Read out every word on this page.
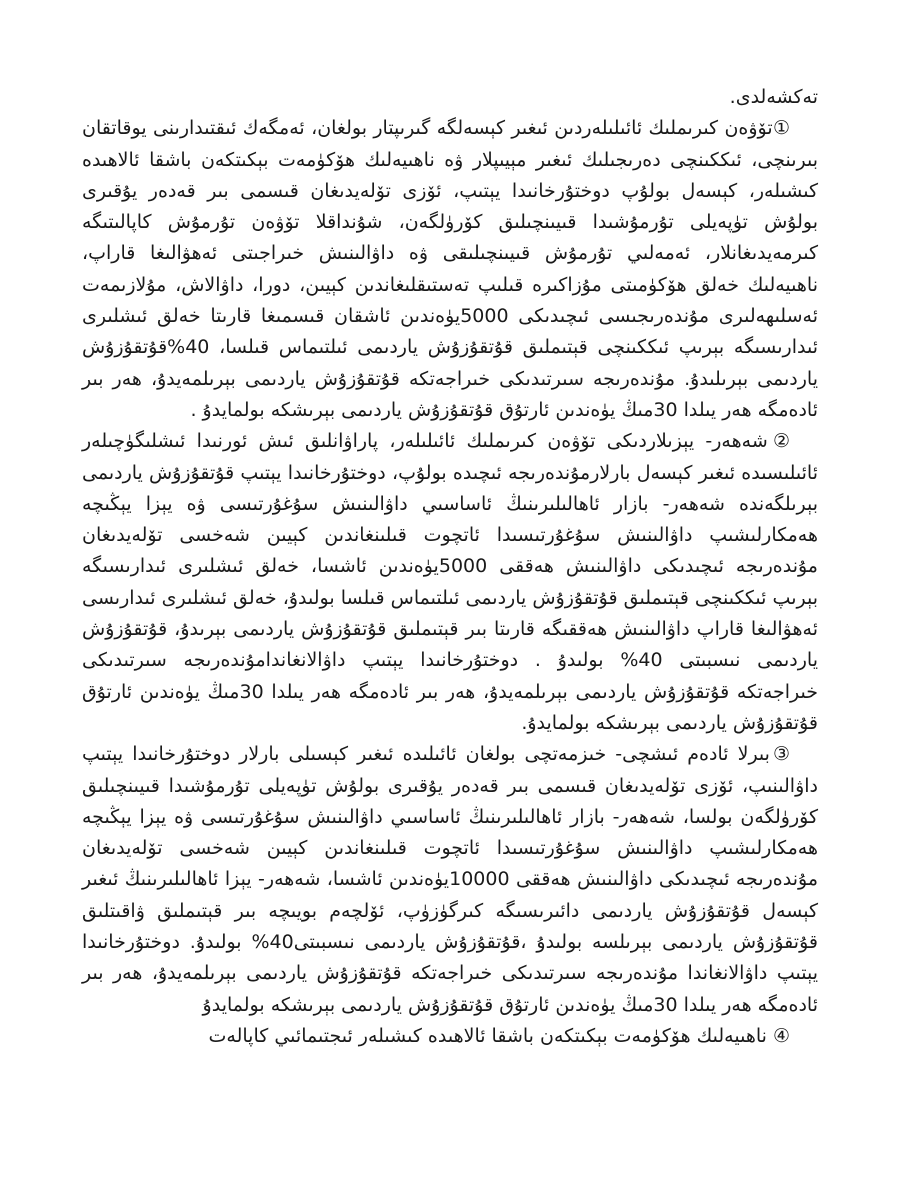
تەكشەلدى.

①تۆۋەن كىرىملىك ئائىلىلەردىن ئىغىر كېسەلگە گىرىپتار بولغان، ئەمگەك ئىقتىدارىنى يوقاتقان بىرىنچى، ئىككىنچى دەرىجىلىك ئىغىر مېيىپلار ۋە ناھىيەلىك ھۆكۈمەت بېكىتكەن باشقا ئالاھىدە كىشىلەر، كېسەل بولۇپ دوختۇرخانىدا يېتىپ، ئۆزى تۆلەيدىغان قىسمى بىر قەدەر يۇقىرى بولۇش تۈپەيلى تۇرمۇشىدا قىيىنچىلىق كۆرۈلگەن، شۇنداقلا تۆۋەن تۇرمۇش كاپالىتىگە كىرمەيدىغانلار، ئەمەلىي تۇرمۇش قىيىنچىلىقى ۋە داۋالىنىش خىراجىتى ئەھۋالىغا قاراپ، ناھىيەلىك خەلق ھۆكۈمىتى مۇزاكىرە قىلىپ تەستىقلىغاندىن كېيىن، دورا، داۋالاش، مۇلازىمەت ئەسلىھەلىرى مۇندەرىجىسى ئىچىدىكى 5000يۈەندىن ئاشقان قىسمىغا قارىتا خەلق ئىشلىرى ئىدارىسىگە بېرىپ ئىككىنچى قېتىملىق قۇتقۇزۇش ياردىمى ئىلتىماس قىلسا، 40%قۇتقۇزۇش ياردىمى بېرىلىدۇ. مۇندەرىجە سىرتىدىكى خىراجەتكە قۇتقۇزۇش ياردىمى بېرىلمەيدۇ، ھەر بىر ئادەمگە ھەر يىلدا 30مىڭ يۈەندىن ئارتۇق قۇتقۇزۇش ياردىمى بېرىشكە بولمايدۇ .

②شەھەر- يېزىلاردىكى تۆۋەن كىرىملىك ئائىلىلەر، پاراۋانلىق ئىش ئورنىدا ئىشلىگۈچىلەر ئائىلىسىدە ئىغىر كېسەل بارلارمۇندەرىجە ئىچىدە بولۇپ، دوختۇرخانىدا يېتىپ قۇتقۇزۇش ياردىمى بېرىلگەندە شەھەر- بازار ئاھالىلىرىنىڭ ئاساسىي داۋالىنىش سۇغۇرتىسى ۋە يېزا يېڭىچە ھەمكارلىشىپ داۋالىنىش سۇغۇرتىسىدا ئاتچوت قىلىنغاندىن كېيىن شەخسى تۆلەيدىغان مۇندەرىجە ئىچىدىكى داۋالىنىش ھەققى 5000يۈەندىن ئاشسا، خەلق ئىشلىرى ئىدارىسىگە بېرىپ ئىككىنچى قېتىملىق قۇتقۇزۇش ياردىمى ئىلتىماس قىلسا بولىدۇ، خەلق ئىشلىرى ئىدارىسى ئەھۋالىغا قاراپ داۋالىنىش ھەققىگە قارىتا بىر قېتىملىق قۇتقۇزۇش ياردىمى بېرىدۇ، قۇتقۇزۇش ياردىمى نىسبىتى 40% بولىدۇ . دوختۇرخانىدا يېتىپ داۋالانغاندامۇندەرىجە سىرتىدىكى خىراجەتكە قۇتقۇزۇش ياردىمى بېرىلمەيدۇ، ھەر بىر ئادەمگە ھەر يىلدا 30مىڭ يۈەندىن ئارتۇق قۇتقۇزۇش ياردىمى بېرىشكە بولمايدۇ.

③بىرلا ئادەم ئىشچى- خىزمەتچى بولغان ئائىلىدە ئىغىر كېسىلى بارلار دوختۇرخانىدا يېتىپ داۋالىنىپ، ئۆزى تۆلەيدىغان قىسمى بىر قەدەر يۇقىرى بولۇش تۈپەيلى تۇرمۇشىدا قىيىنچىلىق كۆرۈلگەن بولسا، شەھەر- بازار ئاھالىلىرىنىڭ ئاساسىي داۋالىنىش سۇغۇرتىسى ۋە يېزا يېڭىچە ھەمكارلىشىپ داۋالىنىش سۇغۇرتىسىدا ئاتچوت قىلىنغاندىن كېيىن شەخسى تۆلەيدىغان مۇندەرىجە ئىچىدىكى داۋالىنىش ھەققى 10000يۈەندىن ئاشسا، شەھەر- يېزا ئاھالىلىرىنىڭ ئىغىر كېسەل قۇتقۇزۇش ياردىمى دائىرىسىگە كىرگۈزۈپ، ئۆلچەم بويىچە بىر قېتىملىق ۋاقىتلىق قۇتقۇزۇش ياردىمى بېرىلسە بولىدۇ ،قۇتقۇزۇش ياردىمى نىسبىتى40% بولىدۇ. دوختۇرخانىدا يېتىپ داۋالانغاندا مۇندەرىجە سىرتىدىكى خىراجەتكە قۇتقۇزۇش ياردىمى بېرىلمەيدۇ، ھەر بىر ئادەمگە ھەر يىلدا 30مىڭ يۈەندىن ئارتۇق قۇتقۇزۇش ياردىمى بېرىشكە بولمايدۇ

④ ناھىيەلىك ھۆكۈمەت بېكىتكەن باشقا ئالاھىدە كىشىلەر ئىجتىمائىي كاپالەت
